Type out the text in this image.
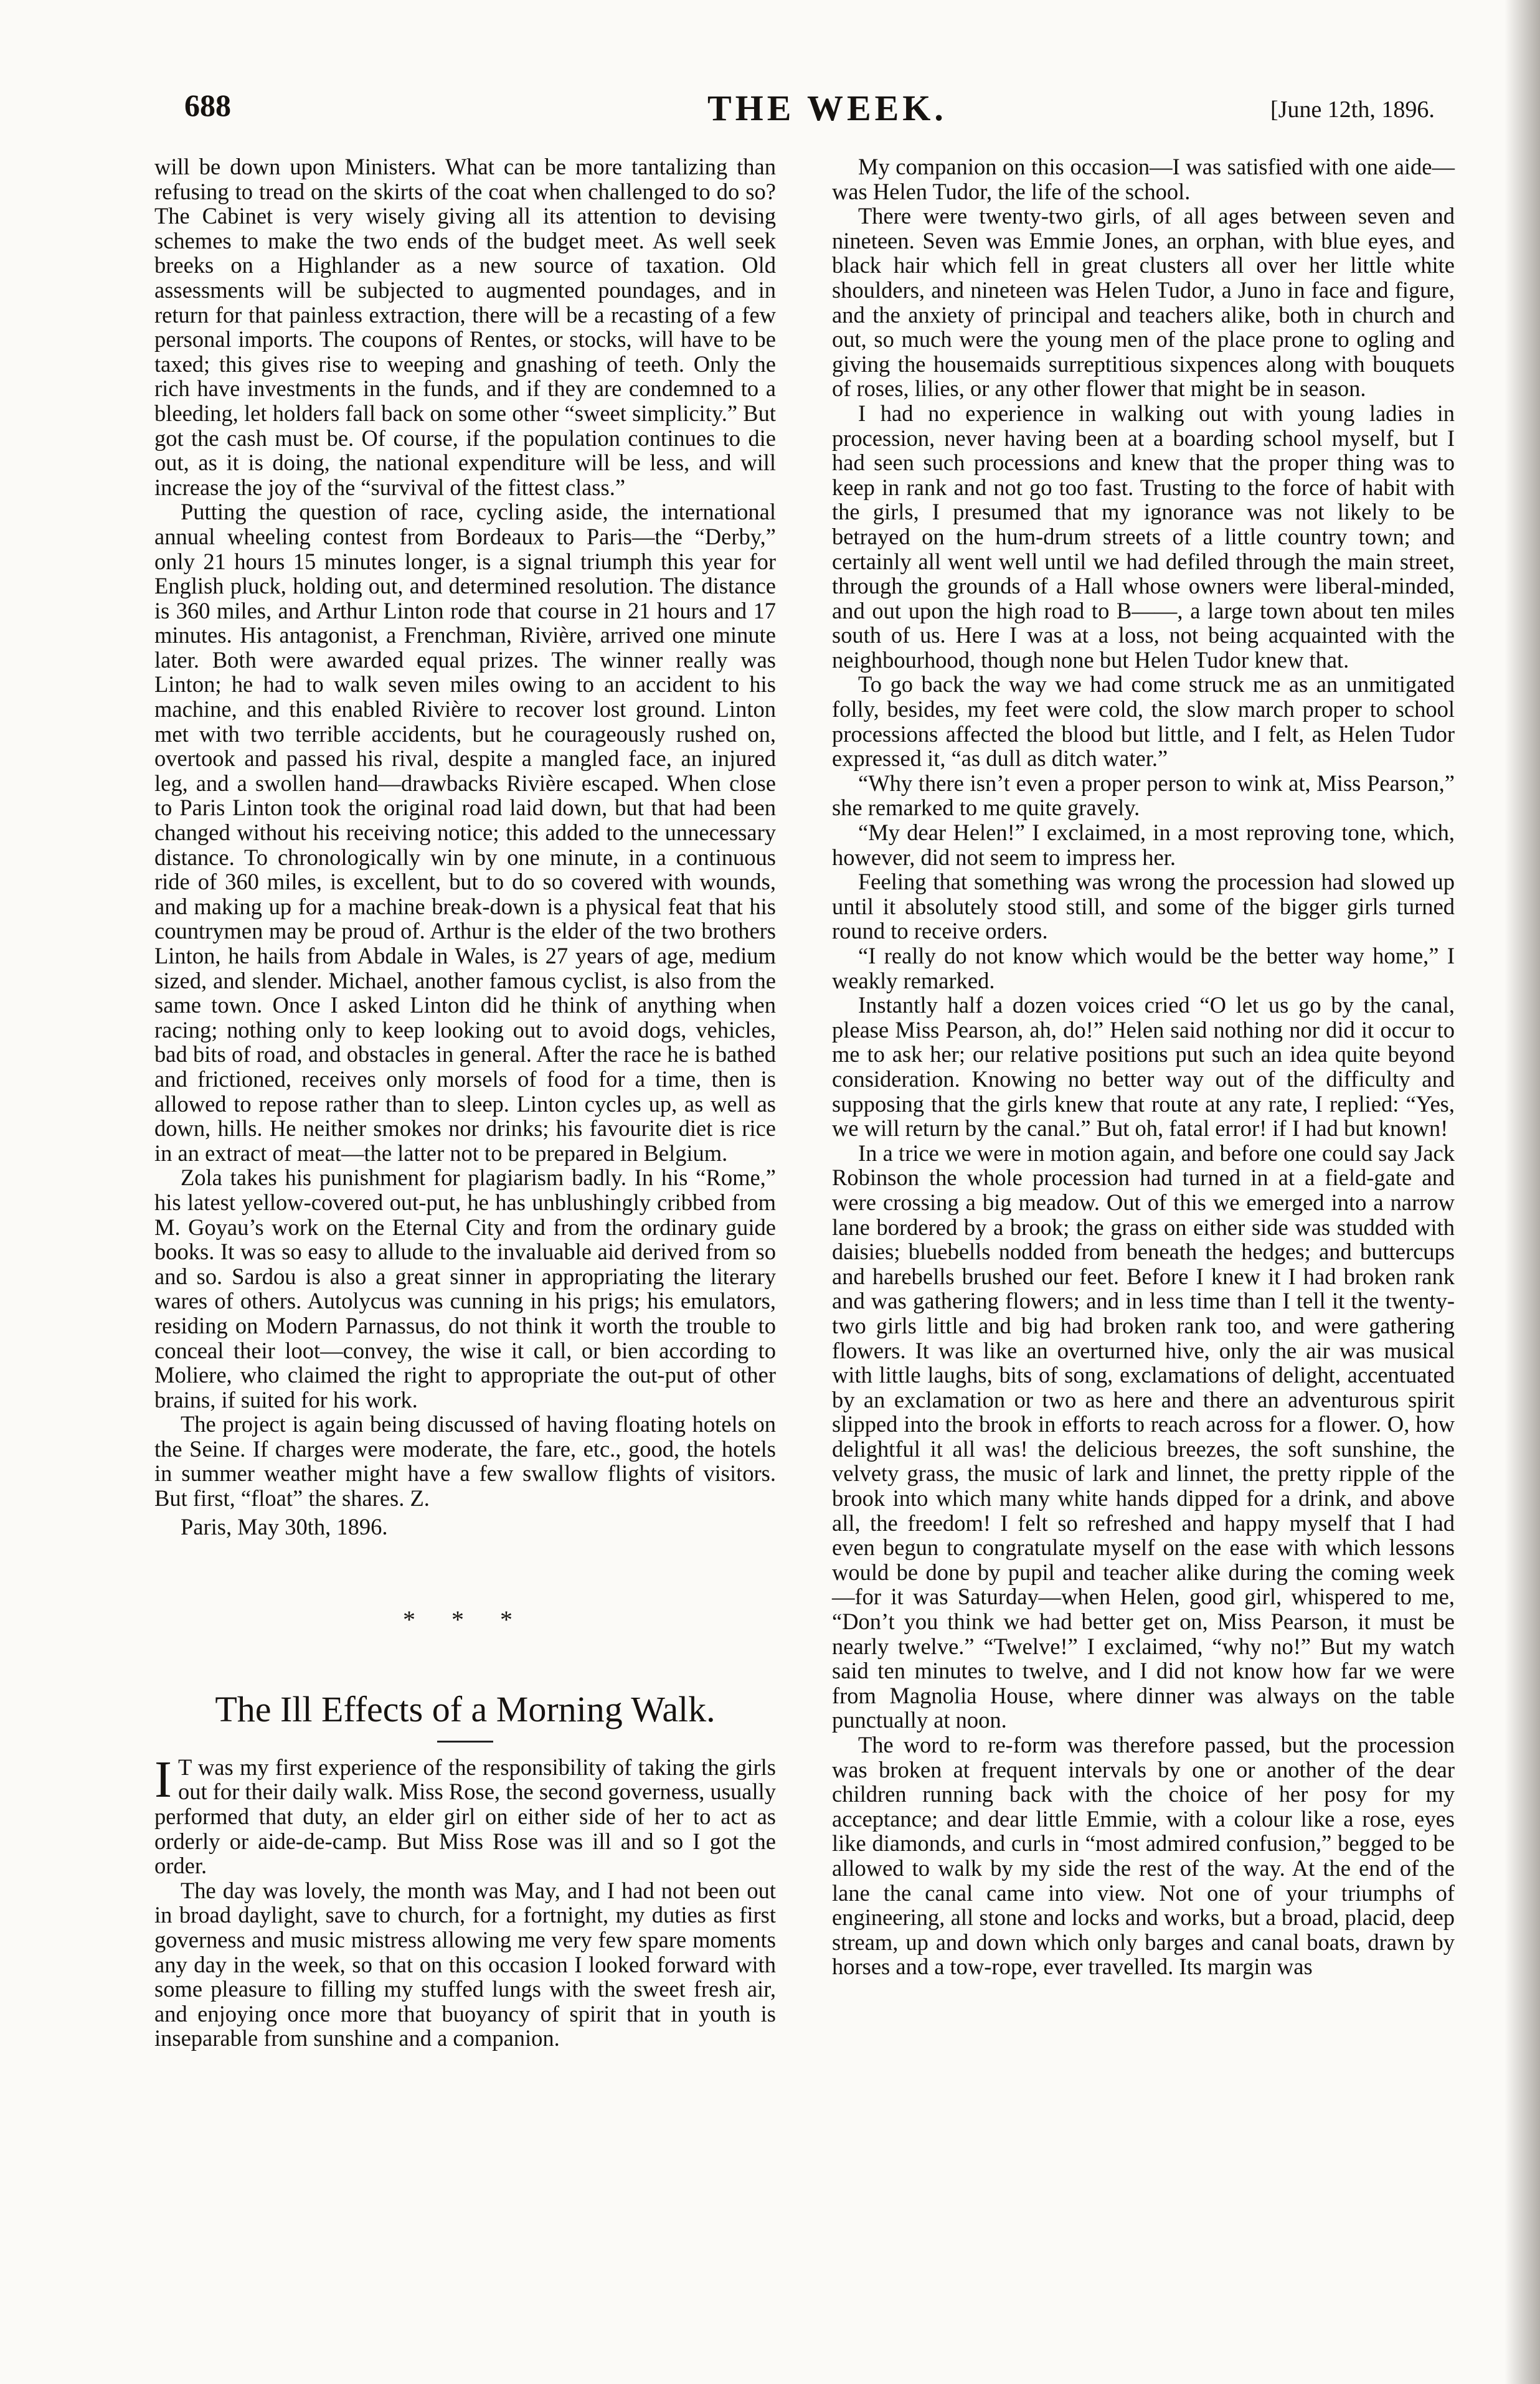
688	THE WEEK.	[June 12th, 1896.

will be down upon Ministers. What can be more tantalizing than refusing to tread on the skirts of the coat when challenged to do so? The Cabinet is very wisely giving all its attention to devising schemes to make the two ends of the budget meet. As well seek breeks on a Highlander as a new source of taxation. Old assessments will be subjected to augmented poundages, and in return for that painless extraction, there will be a recasting of a few personal imports. The coupons of Rentes, or stocks, will have to be taxed; this gives rise to weeping and gnashing of teeth. Only the rich have investments in the funds, and if they are condemned to a bleeding, let holders fall back on some other “sweet simplicity.” But got the cash must be. Of course, if the population continues to die out, as it is doing, the national expenditure will be less, and will increase the joy of the “survival of the fittest class.”

Putting the question of race, cycling aside, the international annual wheeling contest from Bordeaux to Paris—the “Derby,” only 21 hours 15 minutes longer, is a signal triumph this year for English pluck, holding out, and determined resolution. The distance is 360 miles, and Arthur Linton rode that course in 21 hours and 17 minutes. His antagonist, a Frenchman, Rivière, arrived one minute later. Both were awarded equal prizes. The winner really was Linton; he had to walk seven miles owing to an accident to his machine, and this enabled Rivière to recover lost ground. Linton met with two terrible accidents, but he courageously rushed on, overtook and passed his rival, despite a mangled face, an injured leg, and a swollen hand—drawbacks Rivière escaped. When close to Paris Linton took the original road laid down, but that had been changed without his receiving notice; this added to the unnecessary distance. To chronologically win by one minute, in a continuous ride of 360 miles, is excellent, but to do so covered with wounds, and making up for a machine break-down is a physical feat that his countrymen may be proud of. Arthur is the elder of the two brothers Linton, he hails from Abdale in Wales, is 27 years of age, medium sized, and slender. Michael, another famous cyclist, is also from the same town. Once I asked Linton did he think of anything when racing; nothing only to keep looking out to avoid dogs, vehicles, bad bits of road, and obstacles in general. After the race he is bathed and frictioned, receives only morsels of food for a time, then is allowed to repose rather than to sleep. Linton cycles up, as well as down, hills. He neither smokes nor drinks; his favourite diet is rice in an extract of meat—the latter not to be prepared in Belgium.

Zola takes his punishment for plagiarism badly. In his “Rome,” his latest yellow-covered out-put, he has unblushingly cribbed from M. Goyau’s work on the Eternal City and from the ordinary guide books. It was so easy to allude to the invaluable aid derived from so and so. Sardou is also a great sinner in appropriating the literary wares of others. Autolycus was cunning in his prigs; his emulators, residing on Modern Parnassus, do not think it worth the trouble to conceal their loot—convey, the wise it call, or bien according to Moliere, who claimed the right to appropriate the out-put of other brains, if suited for his work.

The project is again being discussed of having floating hotels on the Seine. If charges were moderate, the fare, etc., good, the hotels in summer weather might have a few swallow flights of visitors. But first, “float” the shares. Z.

Paris, May 30th, 1896.

* * *
The Ill Effects of a Morning Walk.

I T was my first experience of the responsibility of taking the girls out for their daily walk. Miss Rose, the second governess, usually performed that duty, an elder girl on either side of her to act as orderly or aide-de-camp. But Miss Rose was ill and so I got the order.

The day was lovely, the month was May, and I had not been out in broad daylight, save to church, for a fortnight, my duties as first governess and music mistress allowing me very few spare moments any day in the week, so that on this occasion I looked forward with some pleasure to filling my stuffed lungs with the sweet fresh air, and enjoying once more that buoyancy of spirit that in youth is inseparable from sunshine and a companion.

My companion on this occasion—I was satisfied with one aide—was Helen Tudor, the life of the school.

There were twenty-two girls, of all ages between seven and nineteen. Seven was Emmie Jones, an orphan, with blue eyes, and black hair which fell in great clusters all over her little white shoulders, and nineteen was Helen Tudor, a Juno in face and figure, and the anxiety of principal and teachers alike, both in church and out, so much were the young men of the place prone to ogling and giving the housemaids surreptitious sixpences along with bouquets of roses, lilies, or any other flower that might be in season.

I had no experience in walking out with young ladies in procession, never having been at a boarding school myself, but I had seen such processions and knew that the proper thing was to keep in rank and not go too fast. Trusting to the force of habit with the girls, I presumed that my ignorance was not likely to be betrayed on the hum-drum streets of a little country town; and certainly all went well until we had defiled through the main street, through the grounds of a Hall whose owners were liberal-minded, and out upon the high road to B——, a large town about ten miles south of us. Here I was at a loss, not being acquainted with the neighbourhood, though none but Helen Tudor knew that.

To go back the way we had come struck me as an unmitigated folly, besides, my feet were cold, the slow march proper to school processions affected the blood but little, and I felt, as Helen Tudor expressed it, “as dull as ditch water.”

“Why there isn’t even a proper person to wink at, Miss Pearson,” she remarked to me quite gravely.

“My dear Helen!” I exclaimed, in a most reproving tone, which, however, did not seem to impress her.

Feeling that something was wrong the procession had slowed up until it absolutely stood still, and some of the bigger girls turned round to receive orders.

“I really do not know which would be the better way home,” I weakly remarked.

Instantly half a dozen voices cried “O let us go by the canal, please Miss Pearson, ah, do!” Helen said nothing nor did it occur to me to ask her; our relative positions put such an idea quite beyond consideration. Knowing no better way out of the difficulty and supposing that the girls knew that route at any rate, I replied: “Yes, we will return by the canal.” But oh, fatal error! if I had but known!

In a trice we were in motion again, and before one could say Jack Robinson the whole procession had turned in at a field-gate and were crossing a big meadow. Out of this we emerged into a narrow lane bordered by a brook; the grass on either side was studded with daisies; bluebells nodded from beneath the hedges; and buttercups and harebells brushed our feet. Before I knew it I had broken rank and was gathering flowers; and in less time than I tell it the twenty-two girls little and big had broken rank too, and were gathering flowers. It was like an overturned hive, only the air was musical with little laughs, bits of song, exclamations of delight, accentuated by an exclamation or two as here and there an adventurous spirit slipped into the brook in efforts to reach across for a flower. O, how delightful it all was! the delicious breezes, the soft sunshine, the velvety grass, the music of lark and linnet, the pretty ripple of the brook into which many white hands dipped for a drink, and above all, the freedom! I felt so refreshed and happy myself that I had even begun to congratulate myself on the ease with which lessons would be done by pupil and teacher alike during the coming week—for it was Saturday—when Helen, good girl, whispered to me, “Don’t you think we had better get on, Miss Pearson, it must be nearly twelve.” “Twelve!” I exclaimed, “why no!” But my watch said ten minutes to twelve, and I did not know how far we were from Magnolia House, where dinner was always on the table punctually at noon.

The word to re-form was therefore passed, but the procession was broken at frequent intervals by one or another of the dear children running back with the choice of her posy for my acceptance; and dear little Emmie, with a colour like a rose, eyes like diamonds, and curls in “most admired confusion,” begged to be allowed to walk by my side the rest of the way. At the end of the lane the canal came into view. Not one of your triumphs of engineering, all stone and locks and works, but a broad, placid, deep stream, up and down which only barges and canal boats, drawn by horses and a tow-rope, ever travelled. Its margin was
